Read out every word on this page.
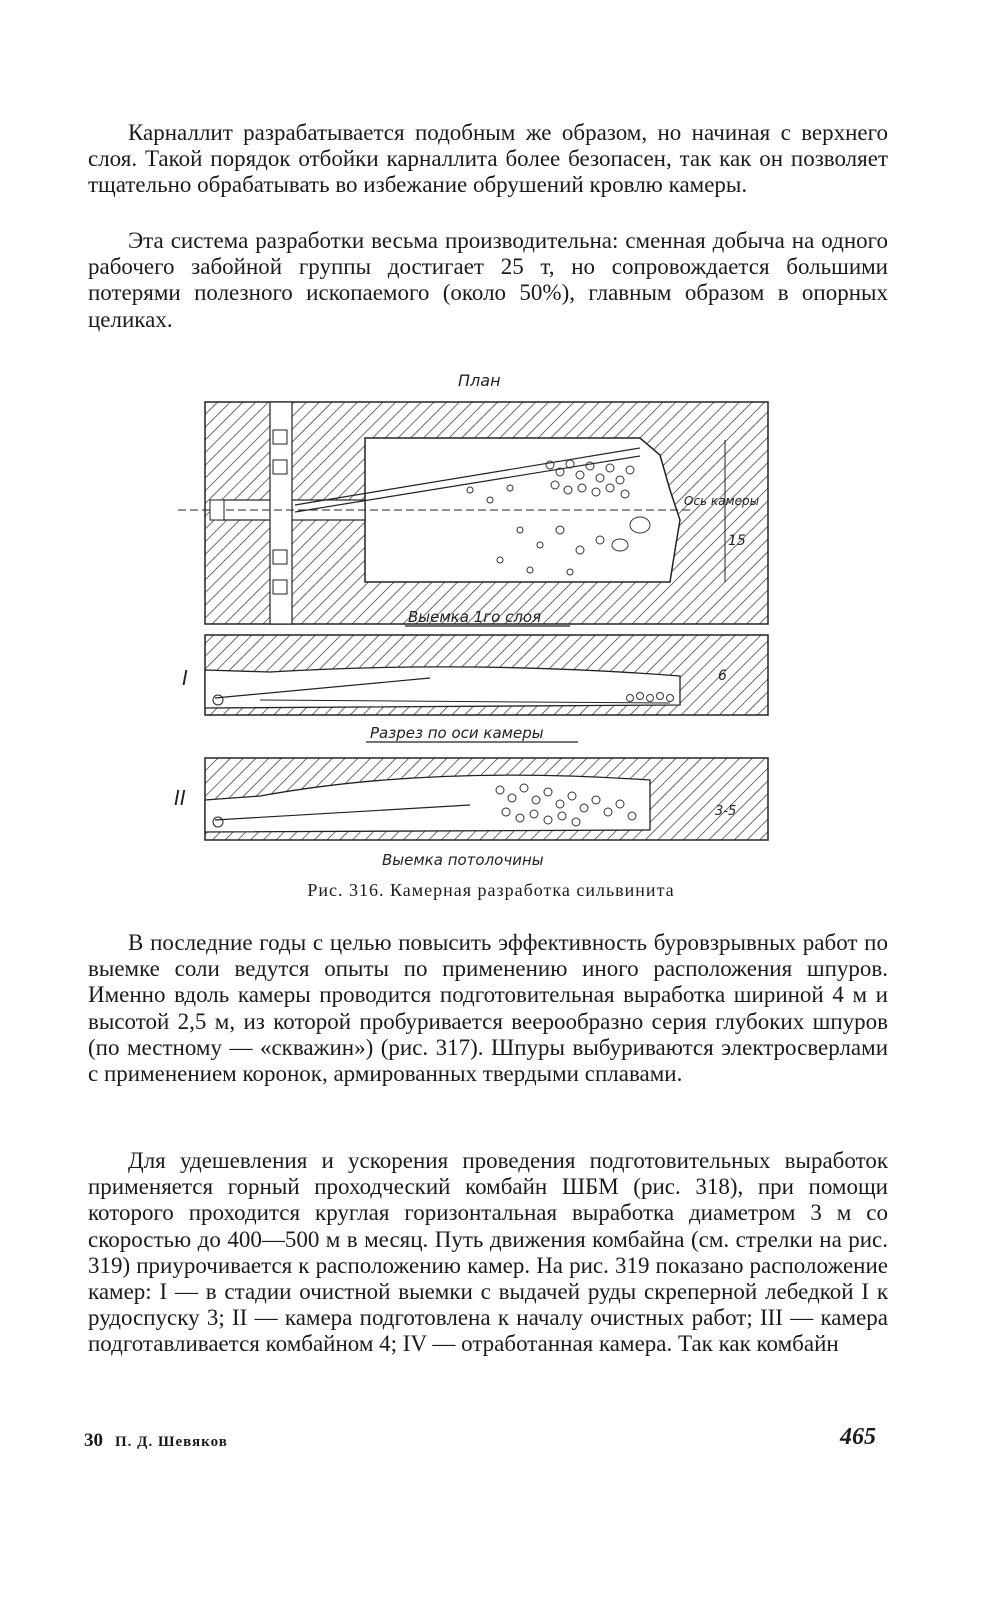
Карналлит разрабатывается подобным же образом, но начиная с верхнего слоя. Такой порядок отбойки карналлита более безопасен, так как он позволяет тщательно обрабатывать во избежание обрушений кровлю камеры.

Эта система разработки весьма производительна: сменная добыча на одного рабочего забойной группы достигает 25 т, но сопровождается большими потерями полезного ископаемого (около 50%), главным образом в опорных целиках.

План
15
Ось камеры
Выемка 1го слоя
I	6
Разрез по оси камеры
II
3-5
Выемка потолочины
Рис. 316. Камерная разработка сильвинита

В последние годы с целью повысить эффективность буровзрывных работ по выемке соли ведутся опыты по применению иного расположения шпуров. Именно вдоль камеры проводится подготовительная выработка шириной 4 м и высотой 2,5 м, из которой пробуривается веерообразно серия глубоких шпуров (по местному — «скважин») (рис. 317). Шпуры выбуриваются электросверлами с применением коронок, армированных твердыми сплавами.

Для удешевления и ускорения проведения подготовительных выработок применяется горный проходческий комбайн ШБМ (рис. 318), при помощи которого проходится круглая горизонтальная выработка диаметром 3 м со скоростью до 400—500 м в месяц. Путь движения комбайна (см. стрелки на рис. 319) приурочивается к расположению камер. На рис. 319 показано расположение камер: I — в стадии очистной выемки с выдачей руды скреперной лебедкой I к рудоспуску 3; II — камера подготовлена к началу очистных работ; III — камера подготавливается комбайном 4; IV — отработанная камера. Так как комбайн

30 П. Д. Шевяков	465
